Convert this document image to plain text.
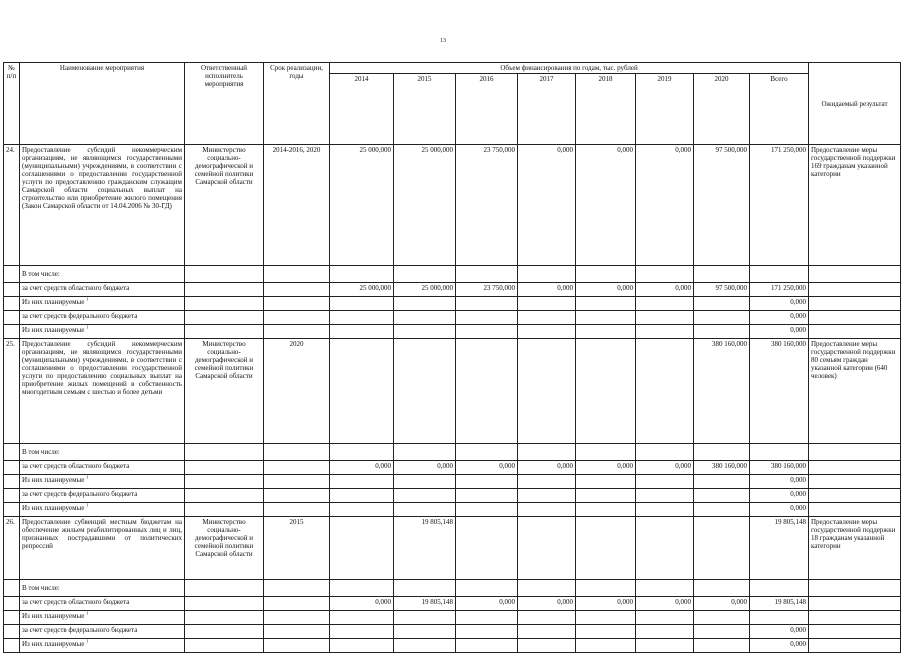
13
№ п/п	Наименование мероприятия	Ответственный исполнитель мероприятия	Срок реализации, годы	Объем финансирования по годам, тыс. рублей								Ожидаемый результат
				2014	2015	2016	2017	2018	2019	2020	Всего	
24.	Предоставление субсидий некоммерческим организациям, не являющимся государственными (муниципальными) учреждениями, в соответствии с соглашениями о предоставлении государственной услуги по предоставлению гражданским служащим Самарской области социальных выплат на строительство или приобретение жилого помещения (Закон Самарской области от 14.04.2006 № 30-ГД)	Министерство социально-демографической и семейной политики Самарской области	2014-2016, 2020	25 000,000	25 000,000	23 750,000	0,000	0,000	0,000	97 500,000	171 250,000	Предоставление меры государственной поддержки 169 гражданам указанной категории
	В том числе:											
	за счет средств областного бюджета			25 000,000	25 000,000	23 750,000	0,000	0,000	0,000	97 500,000	171 250,000	
	Из них планируемые $^1$										0,000	
	за счет средств федерального бюджета										0,000	
	Из них планируемые $^1$										0,000	
25.	Предоставление субсидий некоммерческим организациям, не являющимся государственными (муниципальными) учреждениями, в соответствии с соглашениями о предоставлении государственной услуги по предоставлению социальных выплат на приобретение жилых помещений в собственность многодетным семьям с шестью и более детьми	Министерство социально-демографической и семейной политики Самарской области	2020							380 160,000	380 160,000	Предоставление меры государственной поддержки 80 семьям граждан указанной категории (640 человек)
	В том числе:											
	за счет средств областного бюджета			0,000	0,000	0,000	0,000	0,000	0,000	380 160,000	380 160,000	
	Из них планируемые $^1$										0,000	
	за счет средств федерального бюджета										0,000	
	Из них планируемые $^1$										0,000	
26.	Предоставление субвенций местным бюджетам на обеспечение жильем реабилитированных лиц и лиц, признанных пострадавшими от политических репрессий	Министерство социально-демографической и семейной политики Самарской области	2015		19 805,148						19 805,148	Предоставление меры государственной поддержки 18 гражданам указанной категории
	В том числе:											
	за счет средств областного бюджета			0,000	19 805,148	0,000	0,000	0,000	0,000	0,000	19 805,148	
	Из них планируемые $^1$											
	за счет средств федерального бюджета										0,000	
	Из них планируемые $^1$										0,000	
